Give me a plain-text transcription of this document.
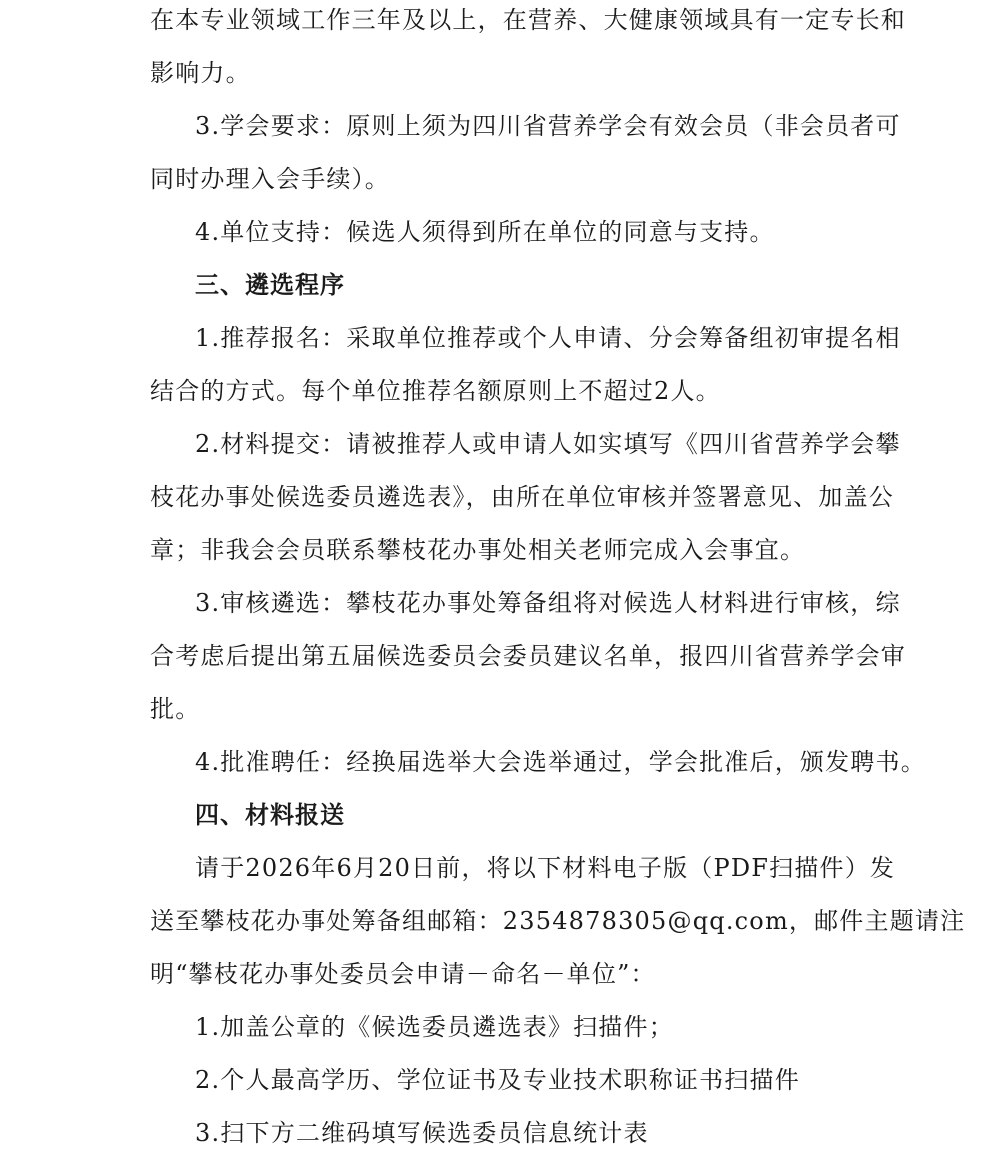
在本专业领域工作三年及以上，在营养、大健康领域具有一定专长和
影响力。
3.学会要求：原则上须为四川省营养学会有效会员（非会员者可
同时办理入会手续）。
4.单位支持：候选人须得到所在单位的同意与支持。
三、遴选程序
1.推荐报名：采取单位推荐或个人申请、分会筹备组初审提名相
结合的方式。每个单位推荐名额原则上不超过2人。
2.材料提交：请被推荐人或申请人如实填写《四川省营养学会攀
枝花办事处候选委员遴选表》，由所在单位审核并签署意见、加盖公
章；非我会会员联系攀枝花办事处相关老师完成入会事宜。
3.审核遴选：攀枝花办事处筹备组将对候选人材料进行审核，综
合考虑后提出第五届候选委员会委员建议名单，报四川省营养学会审
批。
4.批准聘任：经换届选举大会选举通过，学会批准后，颁发聘书。
四、材料报送
请于2026年6月20日前，将以下材料电子版（PDF扫描件）发
送至攀枝花办事处筹备组邮箱：2354878305@qq.com，邮件主题请注
明“攀枝花办事处委员会申请－命名－单位”：
1.加盖公章的《候选委员遴选表》扫描件；
2.个人最高学历、学位证书及专业技术职称证书扫描件
3.扫下方二维码填写候选委员信息统计表
